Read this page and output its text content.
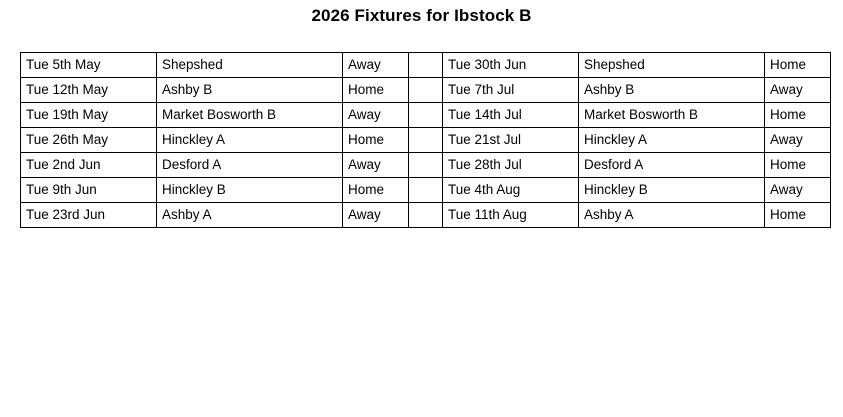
2026 Fixtures for Ibstock B
Tue 5th May	Shepshed	Away		Tue 30th Jun	Shepshed	Home
Tue 12th May	Ashby B	Home		Tue 7th Jul	Ashby B	Away
Tue 19th May	Market Bosworth B	Away		Tue 14th Jul	Market Bosworth B	Home
Tue 26th May	Hinckley A	Home		Tue 21st Jul	Hinckley A	Away
Tue 2nd Jun	Desford A	Away		Tue 28th Jul	Desford A	Home
Tue 9th Jun	Hinckley B	Home		Tue 4th Aug	Hinckley B	Away
Tue 23rd Jun	Ashby A	Away		Tue 11th Aug	Ashby A	Home
